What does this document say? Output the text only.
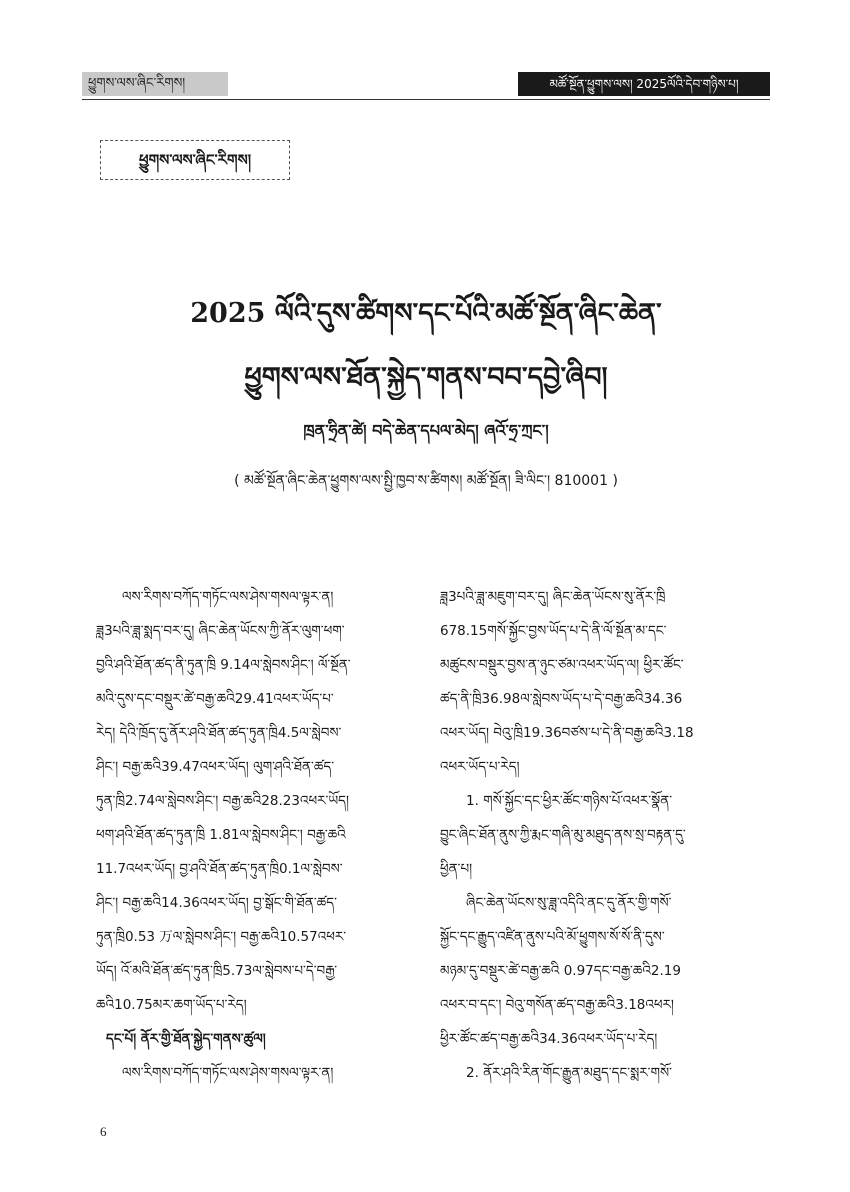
ཕྱུགས་ལས་ཞིང་རིགས།	མཚོ་སྔོན་ཕྱུགས་ལས། 2025ལོའི་དེབ་གཉིས་པ།
ཕྱུགས་ལས་ཞིང་རིགས།
2025 ལོའི་དུས་ཚིགས་དང་པོའི་མཚོ་སྔོན་ཞིང་ཆེན་
ཕྱུགས་ལས་ཐོན་སྐྱེད་གནས་བབ་དབྱེ་ཞིབ།
ཁྲན་ཧྲིན་ཚེ། བདེ་ཆེན་དཔལ་མེད། ཞའོ་ཧྲ་ཀྲང་།
( མཚོ་སྔོན་ཞིང་ཆེན་ཕྱུགས་ལས་སྤྱི་ཁྱབ་ས་ཚིགས། མཚོ་སྔོན། ཟི་ལིང་། 810001 )
ལས་རིགས་བཀོད་གཏོང་ལས་ཤེས་གསལ་ལྟར་ན།
ཟླ3པའི་ཟླ་སྨད་བར་དུ། ཞིང་ཆེན་ཡོངས་ཀྱི་ནོར་ལུག་ཕག་
བྱའི་ཤའི་ཐོན་ཚད་ནི་ཏུན་ཁྲི 9.14ལ་སླེབས་ཤིང་། ལོ་སྔོན་
མའི་དུས་དང་བསྡུར་ཚེ་བརྒྱ་ཆའི29.41འཕར་ཡོད་པ་
རེད། དེའི་ཁྲོད་དུ་ནོར་ཤའི་ཐོན་ཚད་ཏུན་ཁྲི4.5ལ་སླེབས་
ཤིང་། བརྒྱ་ཆའི39.47འཕར་ཡོད། ལུག་ཤའི་ཐོན་ཚད་
ཏུན་ཁྲི2.74ལ་སླེབས་ཤིང་། བརྒྱ་ཆའི28.23འཕར་ཡོད།
ཕག་ཤའི་ཐོན་ཚད་ཏུན་ཁྲི 1.81ལ་སླེབས་ཤིང་། བརྒྱ་ཆའི
11.7འཕར་ཡོད། བྱ་ཤའི་ཐོན་ཚད་ཏུན་ཁྲི0.1ལ་སླེབས་
ཤིང་། བརྒྱ་ཆའི14.36འཕར་ཡོད། བྱ་སྒོང་གི་ཐོན་ཚད་
ཏུན་ཁྲི0.53 万ལ་སླེབས་ཤིང་། བརྒྱ་ཆའི10.57འཕར་
ཡོད། འོ་མའི་ཐོན་ཚད་ཏུན་ཁྲི5.73ལ་སླེབས་པ་དེ་བརྒྱ་
ཆའི10.75མར་ཆག་ཡོད་པ་རེད།
དང་པོ། ནོར་གྱི་ཐོན་སྐྱེད་གནས་ཚུལ།
ལས་རིགས་བཀོད་གཏོང་ལས་ཤེས་གསལ་ལྟར་ན།
ཟླ3པའི་ཟླ་མཇུག་བར་དུ། ཞིང་ཆེན་ཡོངས་སུ་ནོར་ཁྲི
678.15གསོ་སྐྱོང་བྱས་ཡོད་པ་དེ་ནི་ལོ་སྔོན་མ་དང་
མཚུངས་བསྡུར་བྱས་ན་ཉུང་ཙམ་འཕར་ཡོད་ལ། ཕྱིར་ཚོང་
ཚད་ནི་ཁྲི36.98ལ་སླེབས་ཡོད་པ་དེ་བརྒྱ་ཆའི34.36
འཕར་ཡོད། བེའུ་ཁྲི19.36བཙས་པ་དེ་ནི་བརྒྱ་ཆའི3.18
འཕར་ཡོད་པ་རེད།
1. གསོ་སྐྱོང་དང་ཕྱིར་ཚོང་གཉིས་པོ་འཕར་སྣོན་
བྱུང་ཞིང་ཐོན་ནུས་ཀྱི་རྨང་གཞི་མུ་མཐུད་ནས་སྲ་བརྟན་དུ་
ཕྱིན་པ།
ཞིང་ཆེན་ཡོངས་སུ་ཟླ་འདིའི་ནང་དུ་ནོར་གྱི་གསོ་
སྐྱོང་དང་རྒྱུད་འཛིན་ནུས་པའི་མོ་ཕྱུགས་སོ་སོ་ནི་དུས་
མཉམ་དུ་བསྡུར་ཚེ་བརྒྱ་ཆའི 0.97དང་བརྒྱ་ཆའི2.19
འཕར་བ་དང་། བེའུ་གསོན་ཚད་བརྒྱ་ཆའི3.18འཕར།
ཕྱིར་ཚོང་ཚད་བརྒྱ་ཆའི34.36འཕར་ཡོད་པ་རེད།
2. ནོར་ཤའི་རིན་གོང་རྒྱུན་མཐུད་དང་སྨར་གསོ་
6
